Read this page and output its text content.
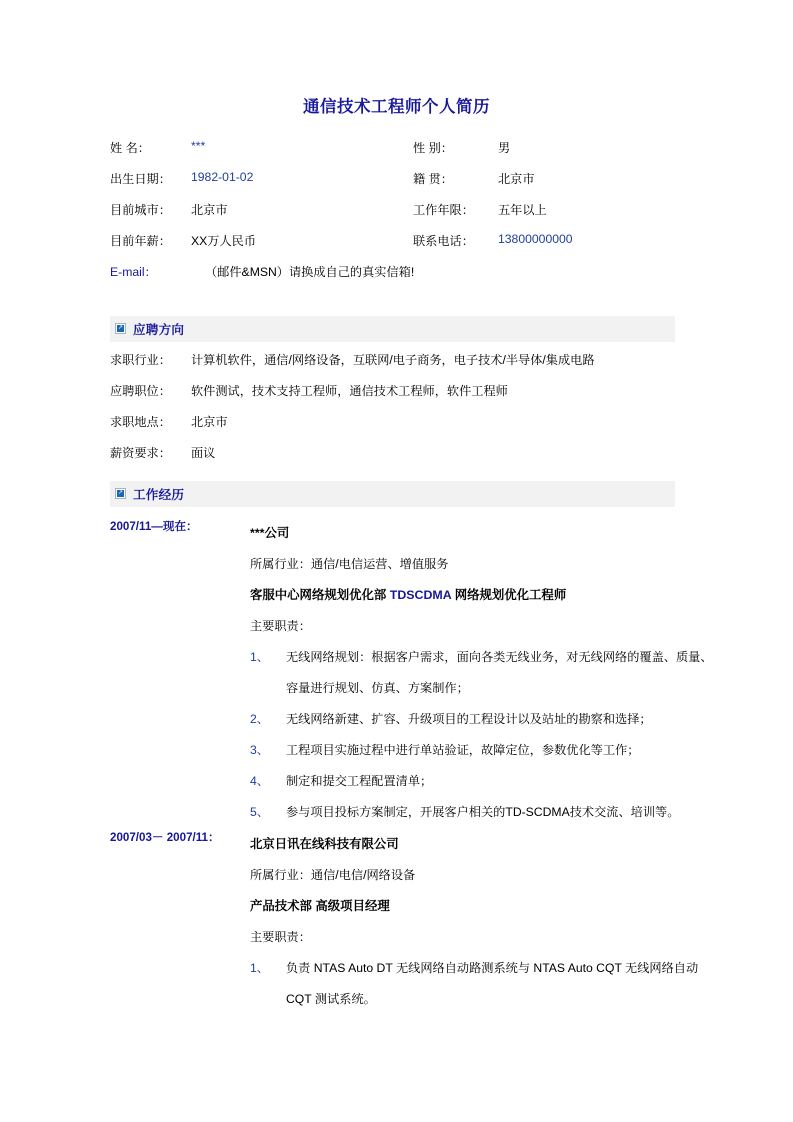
通信技术工程师个人简历
姓 名：	***	性 别：	男
出生日期： 1982-01-02	籍 贯：	北京市
目前城市： 北京市	工作年限： 五年以上
目前年薪： XX万人民币	联系电话： 13800000000
E-mail：	（邮件&MSN）请换成自己的真实信箱!
↗ 应聘方向
求职行业： 计算机软件，通信/网络设备，互联网/电子商务，电子技术/半导体/集成电路
应聘职位： 软件测试，技术支持工程师，通信技术工程师，软件工程师
求职地点： 北京市
薪资要求： 面议
↗ 工作经历
2007/11—现在：	***公司
所属行业：通信/电信运营、增值服务
客服中心网络规划优化部 TDSCDMA 网络规划优化工程师
主要职责：
1、 无线网络规划：根据客户需求，面向各类无线业务，对无线网络的覆盖、质量、容量进行规划、仿真、方案制作；
2、 无线网络新建、扩容、升级项目的工程设计以及站址的勘察和选择；
3、 工程项目实施过程中进行单站验证，故障定位，参数优化等工作；
4、 制定和提交工程配置清单；
5、 参与项目投标方案制定，开展客户相关的TD-SCDMA技术交流、培训等。
2007/03－ 2007/11： 北京日讯在线科技有限公司
所属行业：通信/电信/网络设备
产品技术部 高级项目经理
主要职责：
1、 负责 NTAS Auto DT 无线网络自动路测系统与 NTAS Auto CQT 无线网络自动 CQT 测试系统。
